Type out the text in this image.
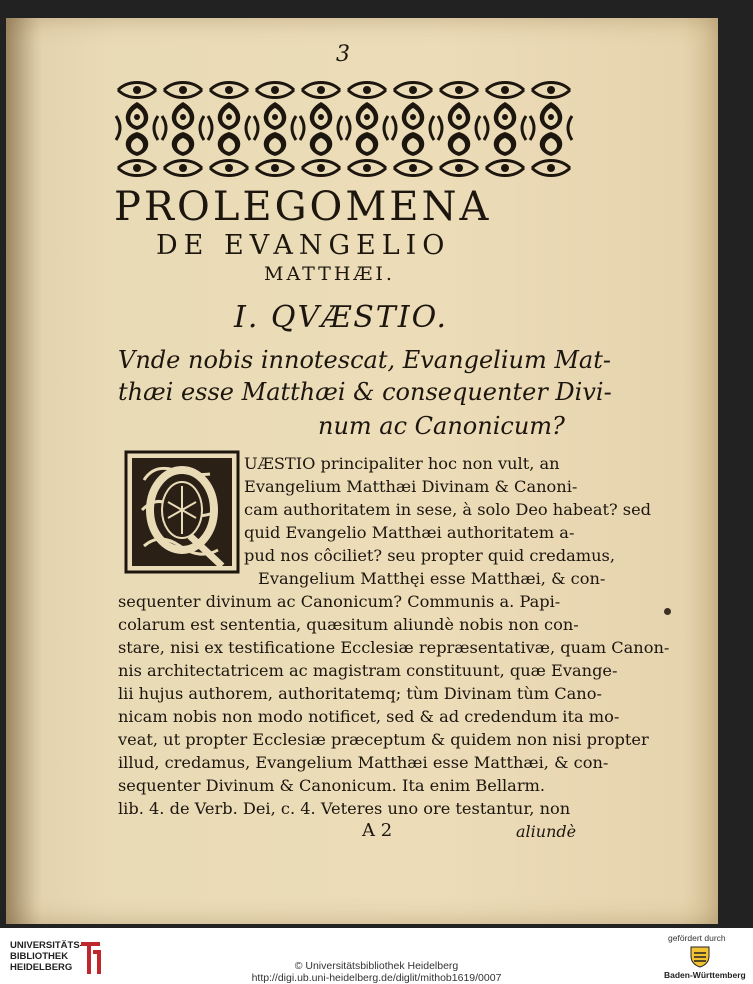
3
PROLEGOMENA
DE EVANGELIO
MATTHÆI.
I. QVÆSTIO.
Vnde nobis innotescat, Evangelium Mat-
thæi esse Matthæi & consequenter Divi-
num ac Canonicum?
UÆSTIO principaliter hoc non vult, an
Evangelium Matthæi Divinam & Canoni-
cam authoritatem in sese, à solo Deo habeat? sed
quid Evangelio Matthæi authoritatem a-
pud nos côciliet? seu propter quid credamus,
Evangelium Matthęi esse Matthæi, & con-
sequenter divinum ac Canonicum? Communis a. Papi-
colarum est sententia, quæsitum aliundè nobis non con-
stare, nisi ex testificatione Ecclesiæ repræsentativæ, quam Canon-
nis architectatricem ac magistram constituunt, quæ Evange-
lii hujus authorem, authoritatemq; tùm Divinam tùm Cano-
nicam nobis non modo notificet, sed & ad credendum ita mo-
veat, ut propter Ecclesiæ præceptum & quidem non nisi propter
illud, credamus, Evangelium Matthæi esse Matthæi, & con-
sequenter Divinum & Canonicum. Ita enim Bellarm.
lib. 4. de Verb. Dei, c. 4. Veteres uno ore testantur, non
A 2	aliundè
UNIVERSITÄTS-
BIBLIOTHEK
HEIDELBERG	© Universitätsbibliothek Heidelberg
http://digi.ub.uni-heidelberg.de/diglit/mithob1619/0007
gefördert durch
Baden-Württemberg
